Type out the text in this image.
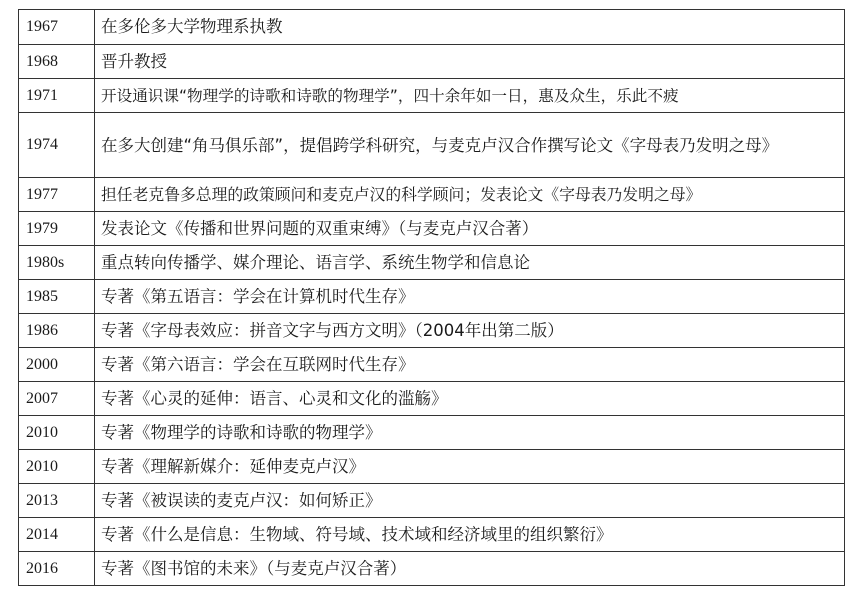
1967	在多伦多大学物理系执教
1968	晋升教授
1971	开设通识课“物理学的诗歌和诗歌的物理学”，四十余年如一日，惠及众生，乐此不疲
1974	在多大创建“角马俱乐部”，提倡跨学科研究，与麦克卢汉合作撰写论文《字母表乃发明之母》
1977	担任老克鲁多总理的政策顾问和麦克卢汉的科学顾问；发表论文《字母表乃发明之母》
1979	发表论文《传播和世界问题的双重束缚》（与麦克卢汉合著）
1980s	重点转向传播学、媒介理论、语言学、系统生物学和信息论
1985	专著《第五语言：学会在计算机时代生存》
1986	专著《字母表效应：拼音文字与西方文明》（2004年出第二版）
2000	专著《第六语言：学会在互联网时代生存》
2007	专著《心灵的延伸：语言、心灵和文化的滥觞》
2010	专著《物理学的诗歌和诗歌的物理学》
2010	专著《理解新媒介：延伸麦克卢汉》
2013	专著《被误读的麦克卢汉：如何矫正》
2014	专著《什么是信息：生物域、符号域、技术域和经济域里的组织繁衍》
2016	专著《图书馆的未来》（与麦克卢汉合著）
